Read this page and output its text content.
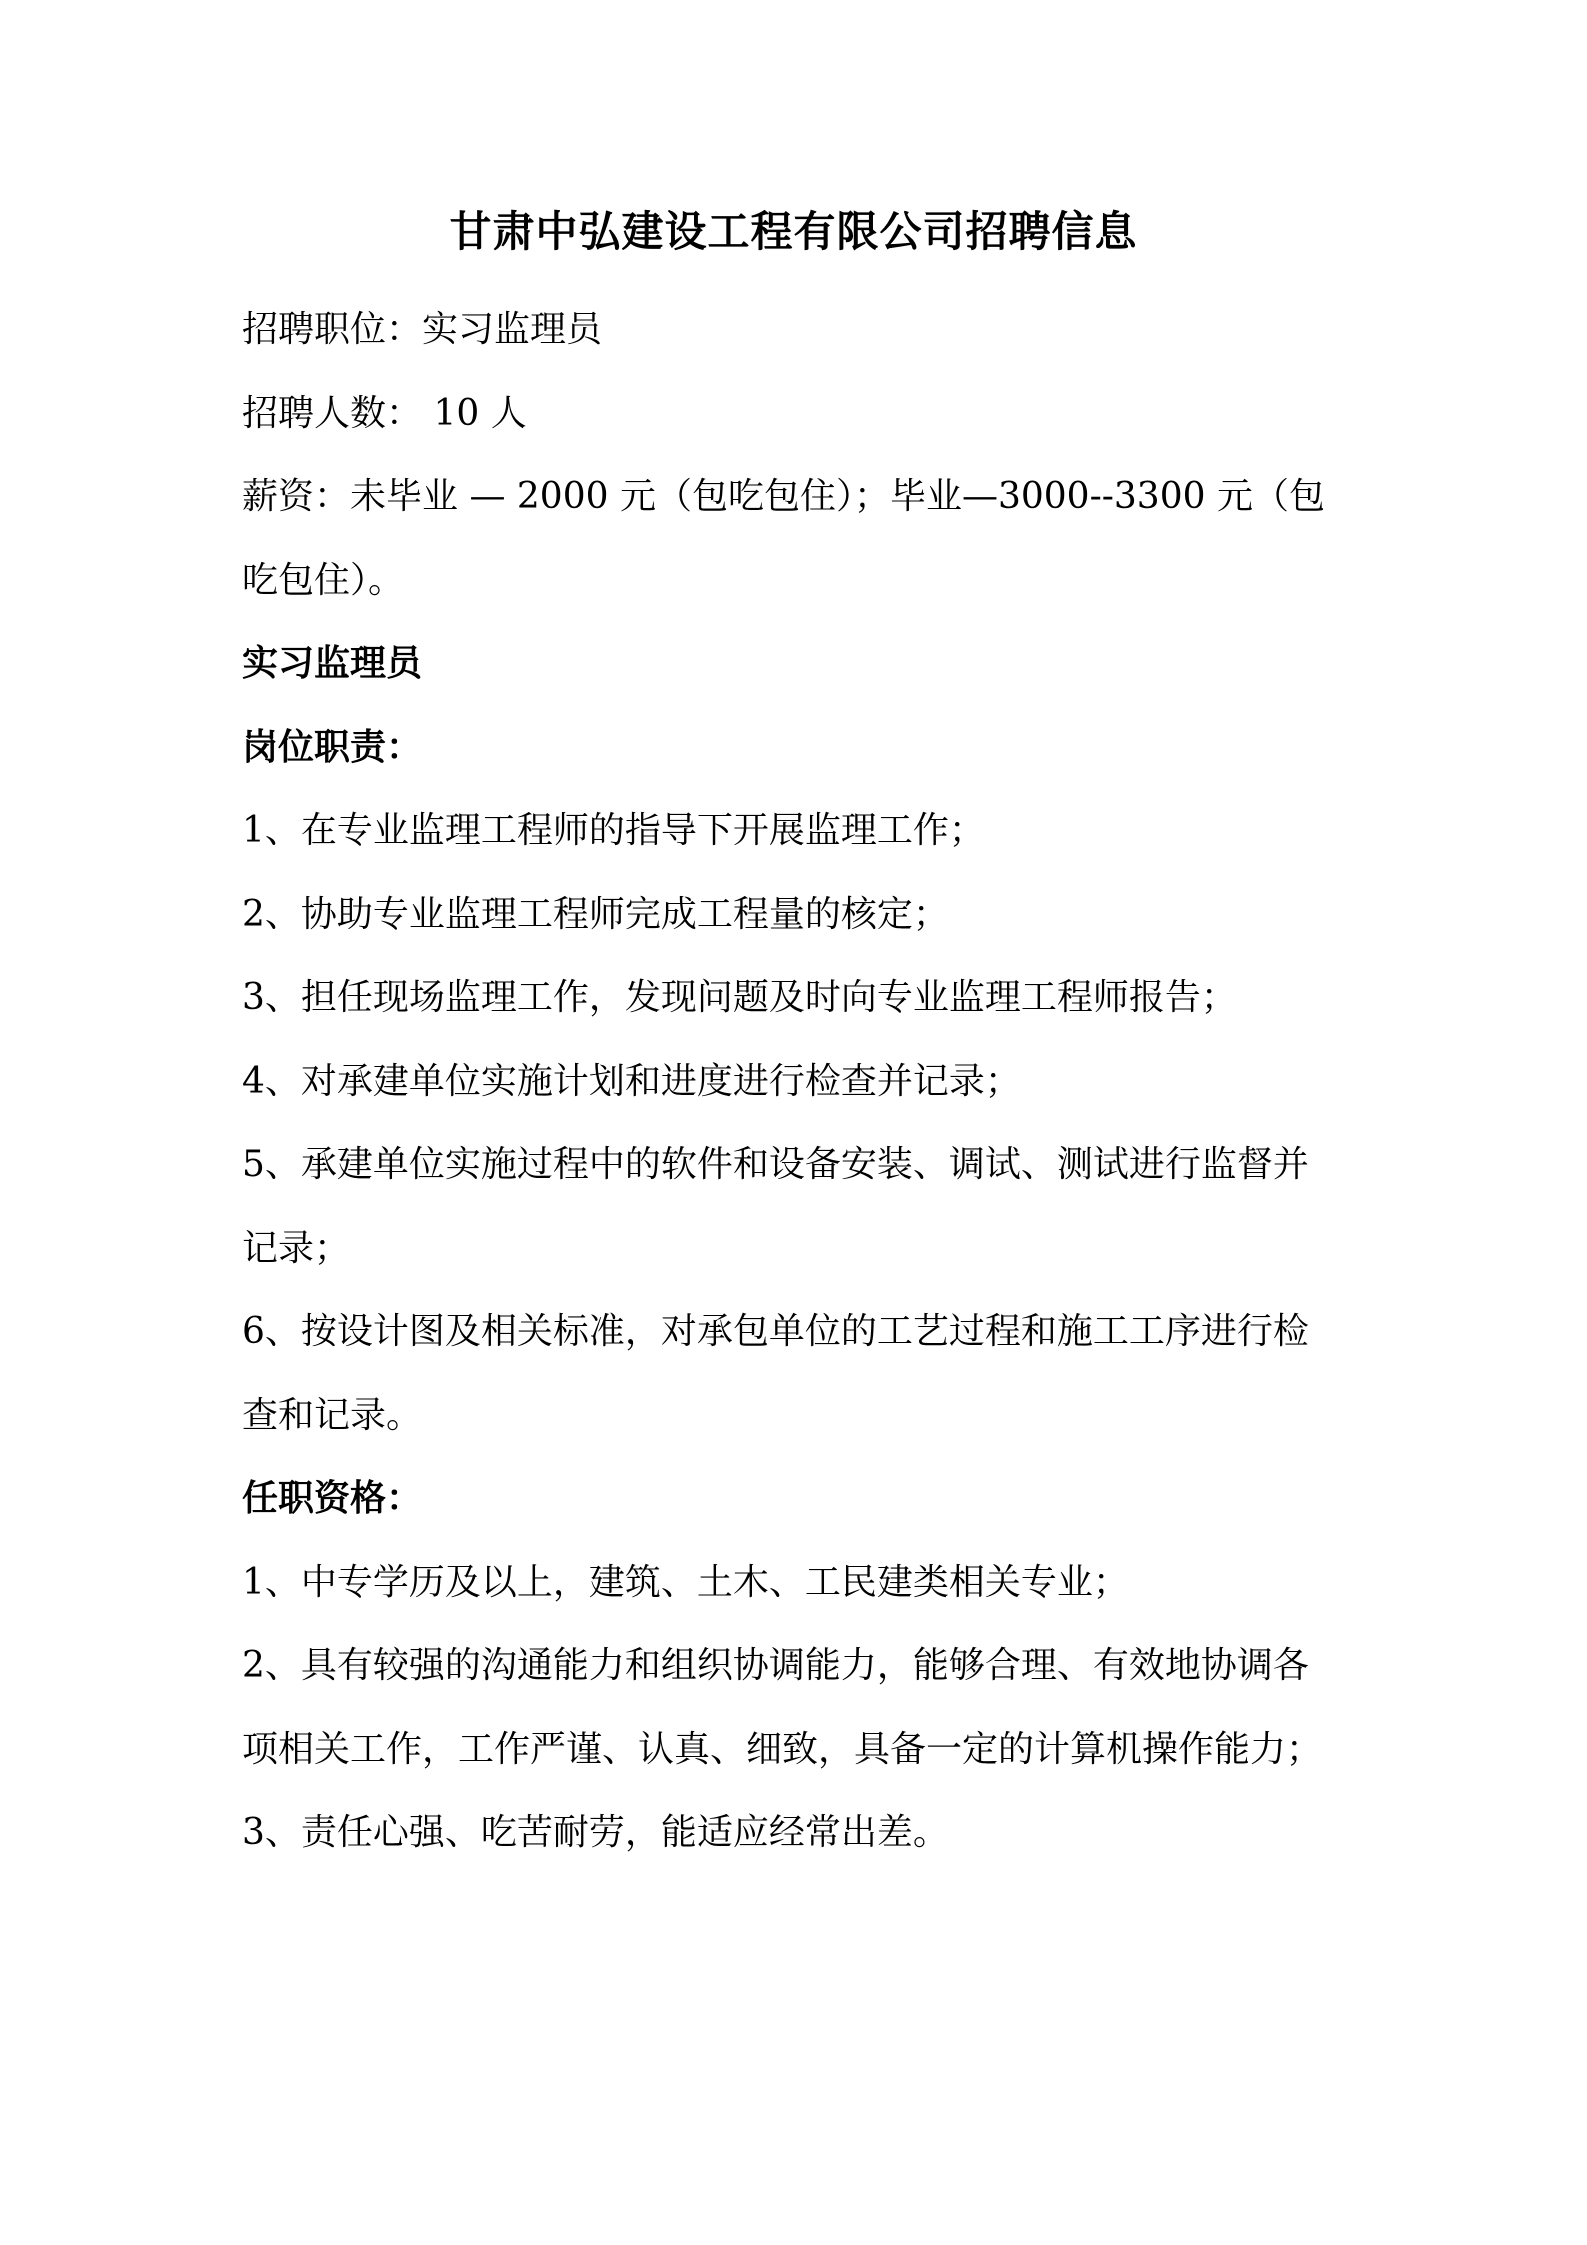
甘肃中弘建设工程有限公司招聘信息
招聘职位：实习监理员
招聘人数： 10 人
薪资：未毕业 — 2000 元（包吃包住）；毕业—3000--3300 元（包
吃包住）。
实习监理员
岗位职责：
1、在专业监理工程师的指导下开展监理工作；
2、协助专业监理工程师完成工程量的核定；
3、担任现场监理工作，发现问题及时向专业监理工程师报告；
4、对承建单位实施计划和进度进行检查并记录；
5、承建单位实施过程中的软件和设备安装、调试、测试进行监督并
记录；
6、按设计图及相关标准，对承包单位的工艺过程和施工工序进行检
查和记录。
任职资格：
1、中专学历及以上，建筑、土木、工民建类相关专业；
2、具有较强的沟通能力和组织协调能力，能够合理、有效地协调各
项相关工作，工作严谨、认真、细致，具备一定的计算机操作能力；
3、责任心强、吃苦耐劳，能适应经常出差。
